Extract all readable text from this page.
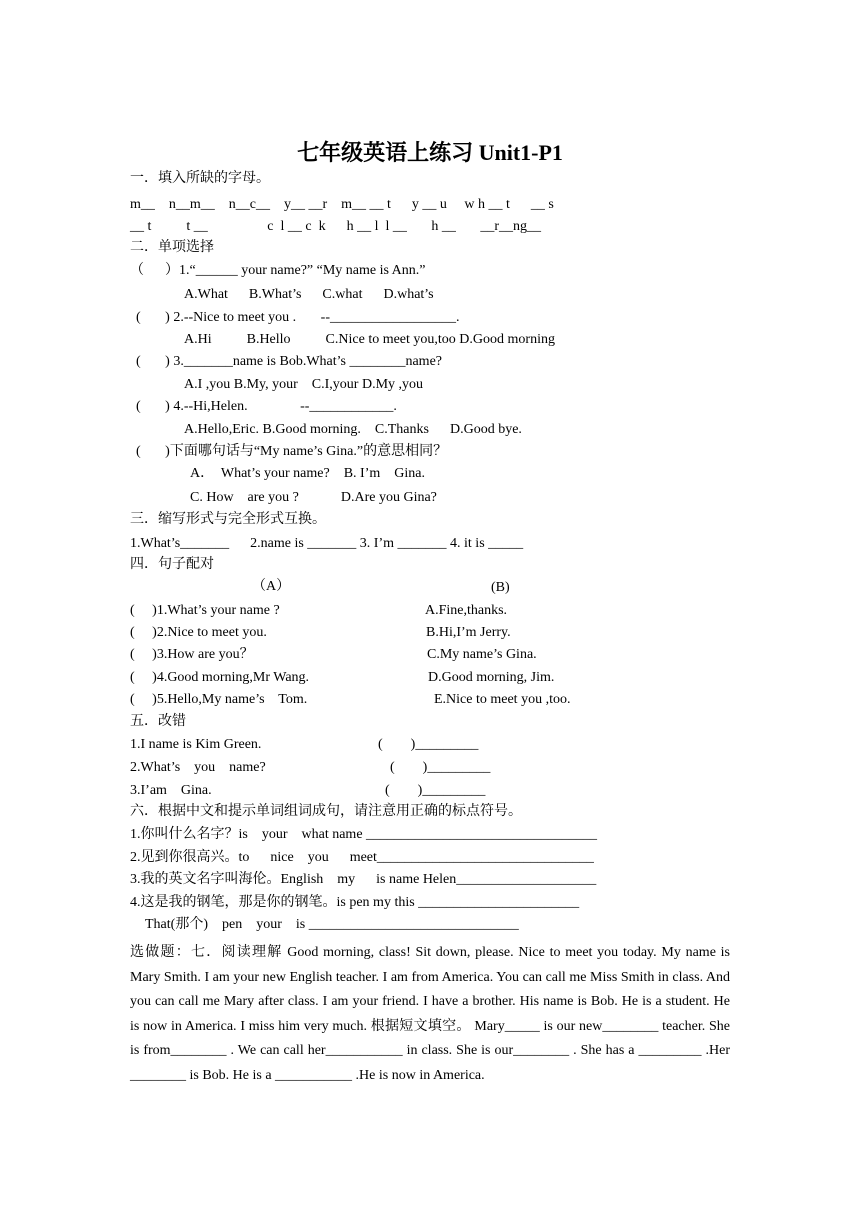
七年级英语上练习 Unit1-P1
一．填入所缺的字母。
m__    n__m__    n__c__    y__ __r    m__ __ t      y __ u     w h __ t      __ s
__ t          t __                 c  l __ c  k      h __ l  l __       h __       __r__ng__
二．单项选择
（      ）1.“______ your name?” “My name is Ann.”
A.What      B.What’s      C.what      D.what’s
(       ) 2.--Nice to meet you .       --__________________.
A.Hi          B.Hello          C.Nice to meet you,too D.Good morning
(       ) 3._______name is Bob.What’s ________name?
A.I ,you B.My, your    C.I,your D.My ,you
(       ) 4.--Hi,Helen.               --____________.
A.Hello,Eric. B.Good morning.    C.Thanks      D.Good bye.
(       )下面哪句话与“My name’s Gina.”的意思相同？
A．  What’s your name?    B. I’m    Gina.
C. How    are you ?            D.Are you Gina?
三．缩写形式与完全形式互换。
1.What’s_______      2.name is _______ 3. I’m _______ 4. it is _____
四．句子配对
（A）	(B)
(     )1.What’s your name ?	A.Fine,thanks.
(     )2.Nice to meet you.	B.Hi,I’m Jerry.
(     )3.How are you？	C.My name’s Gina.
(     )4.Good morning,Mr Wang.	D.Good morning, Jim.
(     )5.Hello,My name’s    Tom.	E.Nice to meet you ,too.
五．改错
1.I name is Kim Green.	(        )_________
2.What’s    you    name?	(        )_________
3.I’am    Gina.	(        )_________
六．根据中文和提示单词组词成句，请注意用正确的标点符号。
1.你叫什么名字？is    your    what name _________________________________
2.见到你很高兴。to      nice    you      meet_______________________________
3.我的英文名字叫海伦。English    my      is name Helen____________________
4.这是我的钢笔，那是你的钢笔。is pen my this _______________________
That(那个)    pen    your    is ______________________________
选做题：七．阅读理解 Good morning, class! Sit down, please. Nice to meet you today. My name is Mary Smith. I am your new English teacher. I am from America. You can call me Miss Smith in class. And you can call me Mary after class. I am your friend. I have a brother. His name is Bob. He is a student. He is now in America. I miss him very much. 根据短文填空。 Mary_____ is our new________ teacher. She is from________ . We can call her___________ in class. She is our________ . She has a _________ .Her ________ is Bob. He is a ___________ .He is now in America.
